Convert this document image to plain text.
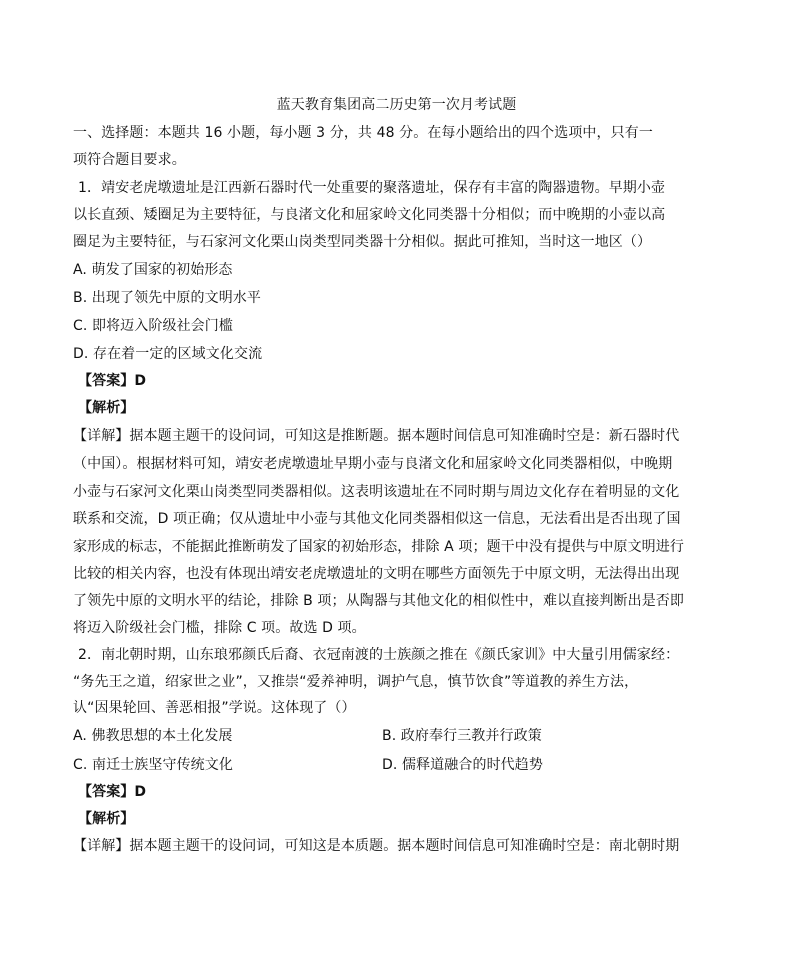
蓝天教育集团高二历史第一次月考试题
一、选择题：本题共 16 小题，每小题 3 分，共 48 分。在每小题给出的四个选项中，只有一
项符合题目要求。
1．靖安老虎墩遗址是江西新石器时代一处重要的聚落遗址，保存有丰富的陶器遗物。早期小壶
以长直颈、矮圈足为主要特征，与良渚文化和屈家岭文化同类器十分相似；而中晚期的小壶以高
圈足为主要特征，与石家河文化栗山岗类型同类器十分相似。据此可推知，当时这一地区（）
A. 萌发了国家的初始形态
B. 出现了领先中原的文明水平
C. 即将迈入阶级社会门槛
D. 存在着一定的区域文化交流
【答案】D
【解析】
【详解】据本题主题干的设问词，可知这是推断题。据本题时间信息可知准确时空是：新石器时代
（中国）。根据材料可知，靖安老虎墩遗址早期小壶与良渚文化和屈家岭文化同类器相似，中晚期
小壶与石家河文化栗山岗类型同类器相似。这表明该遗址在不同时期与周边文化存在着明显的文化
联系和交流，D 项正确；仅从遗址中小壶与其他文化同类器相似这一信息，无法看出是否出现了国
家形成的标志，不能据此推断萌发了国家的初始形态，排除 A 项；题干中没有提供与中原文明进行
比较的相关内容，也没有体现出靖安老虎墩遗址的文明在哪些方面领先于中原文明，无法得出出现
了领先中原的文明水平的结论，排除 B 项；从陶器与其他文化的相似性中，难以直接判断出是否即
将迈入阶级社会门槛，排除 C 项。故选 D 项。
2．南北朝时期，山东琅邪颜氏后裔、衣冠南渡的士族颜之推在《颜氏家训》中大量引用儒家经：
“务先王之道，绍家世之业”，又推崇“爱养神明，调护气息，慎节饮食”等道教的养生方法，
认“因果轮回、善恶相报”学说。这体现了（）
A. 佛教思想的本土化发展	B. 政府奉行三教并行政策
C. 南迁士族坚守传统文化	D. 儒释道融合的时代趋势
【答案】D
【解析】
【详解】据本题主题干的设问词，可知这是本质题。据本题时间信息可知准确时空是：南北朝时期
